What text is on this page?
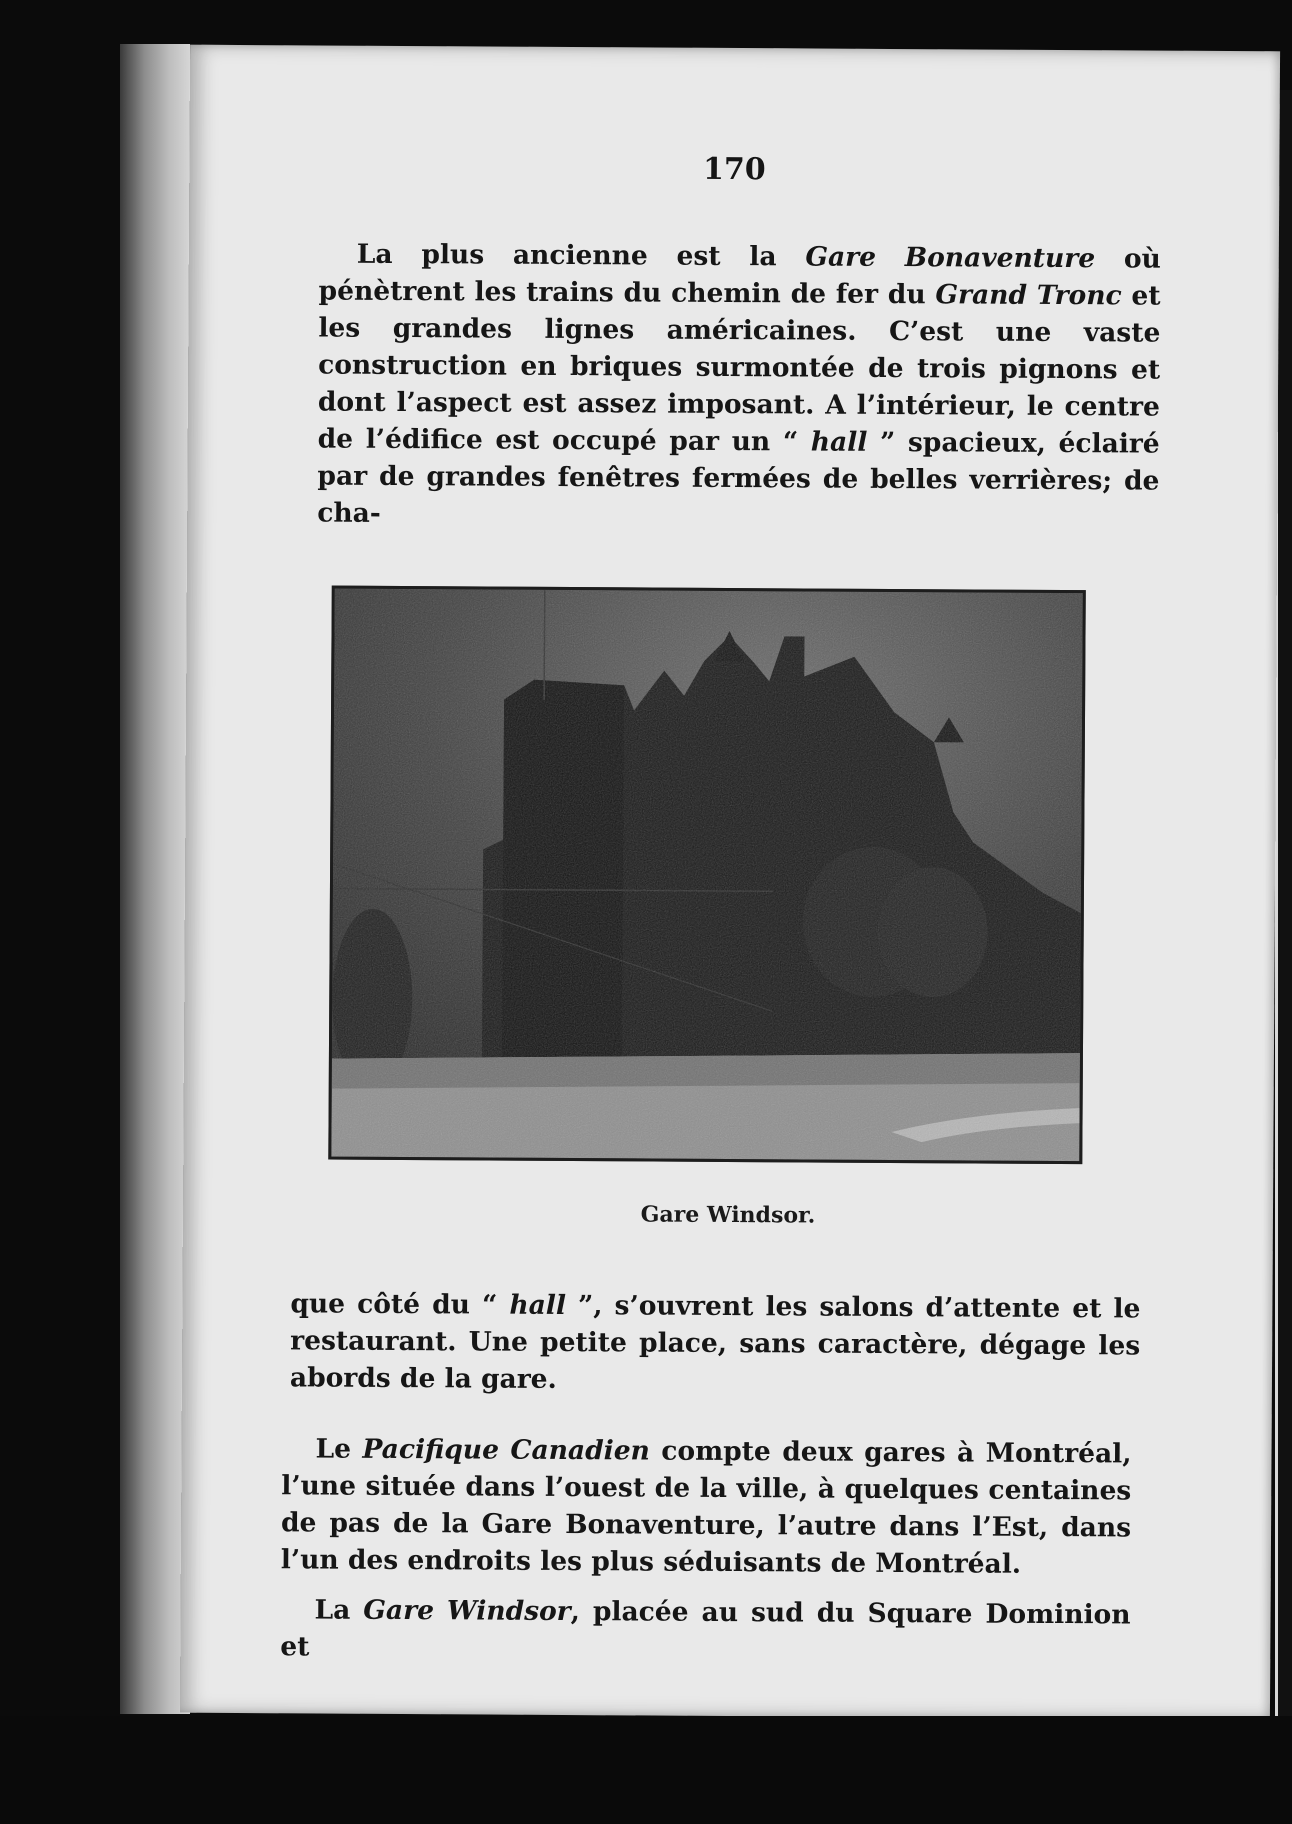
170

La plus ancienne est la Gare Bonaventure où pénètrent les trains du chemin de fer du Grand Tronc et les grandes lignes américaines. C’est une vaste construction en briques surmontée de trois pignons et dont l’aspect est assez imposant. A l’intérieur, le centre de l’édifice est occupé par un “ hall ” spacieux, éclairé par de grandes fenêtres fermées de belles verrières; de cha-

Gare Windsor.

que côté du “ hall ”, s’ouvrent les salons d’attente et le restaurant. Une petite place, sans caractère, dégage les abords de la gare.

Le Pacifique Canadien compte deux gares à Montréal, l’une située dans l’ouest de la ville, à quelques centaines de pas de la Gare Bonaventure, l’autre dans l’Est, dans l’un des endroits les plus séduisants de Montréal.

La Gare Windsor, placée au sud du Square Dominion et
